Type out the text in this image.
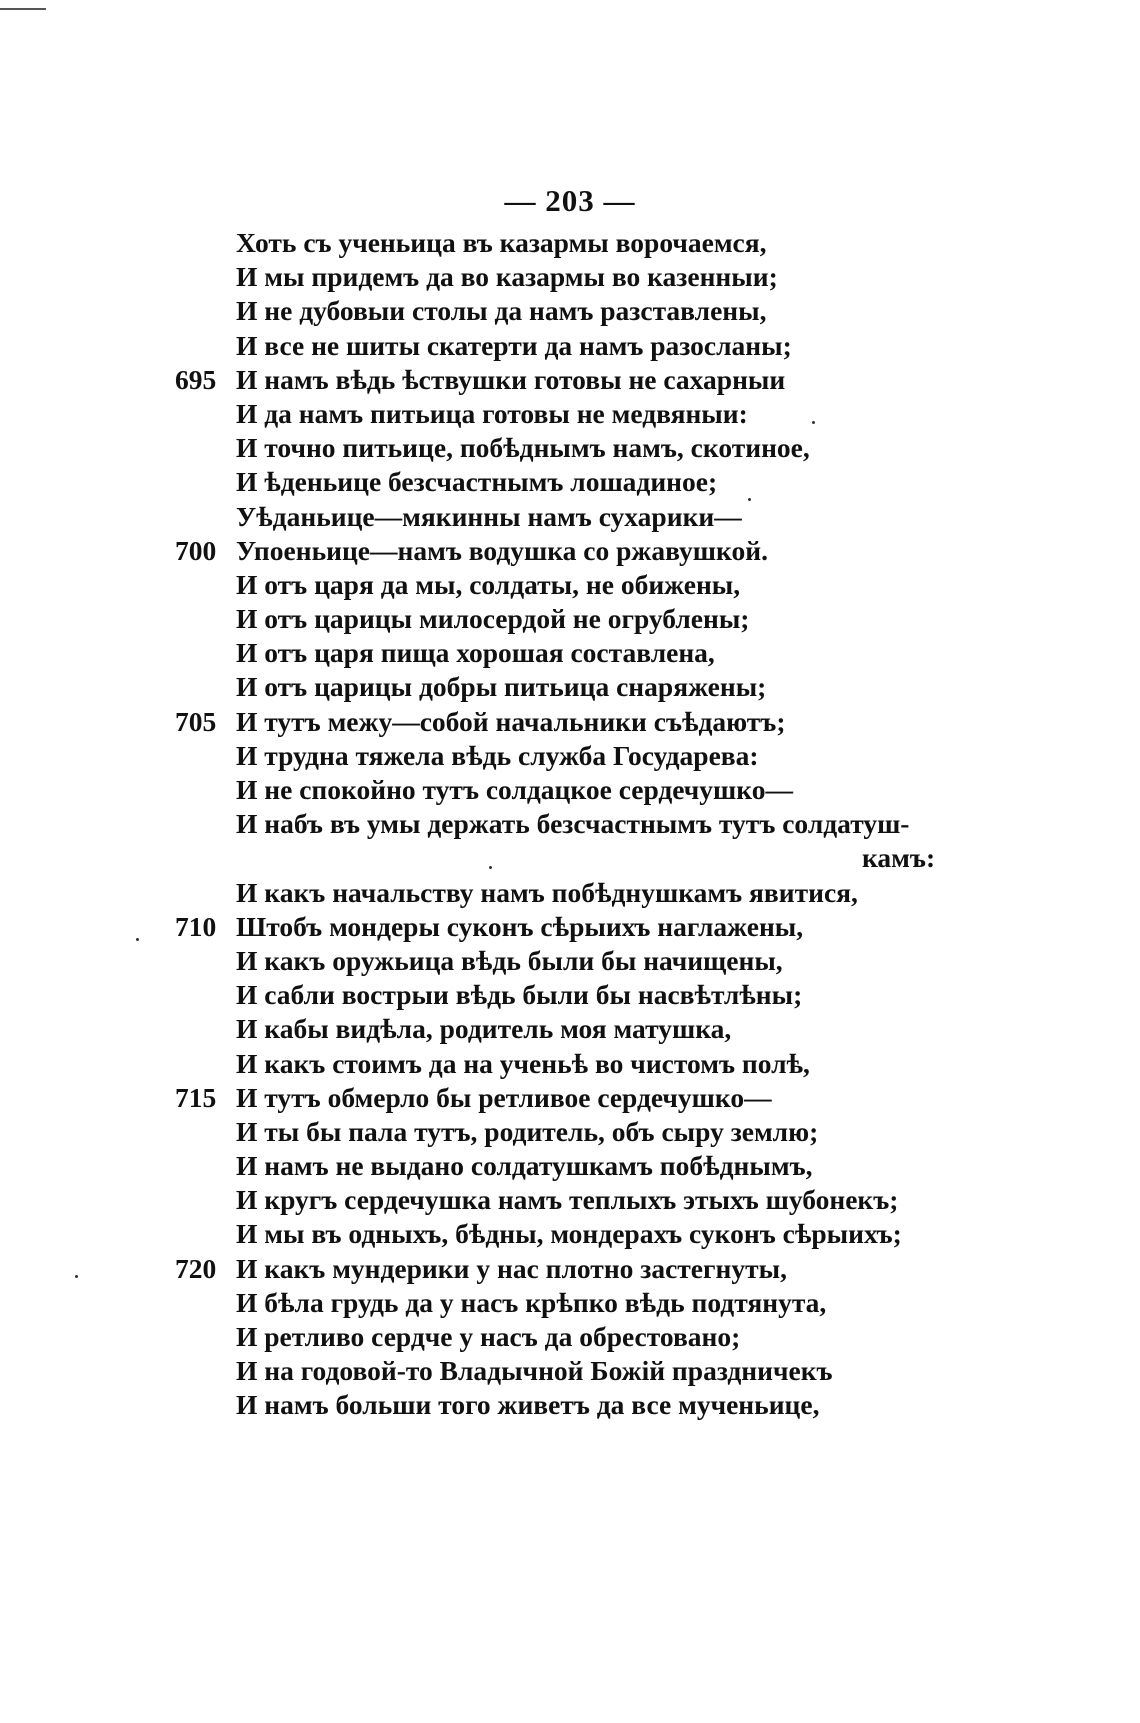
— 203 —
Хоть съ ученьица въ казармы ворочаемся,
И мы придемъ да во казармы во казенныи;
И не дубовыи столы да намъ разставлены,
И все не шиты скатерти да намъ разосланы;
695 И намъ вѣдь ѣствушки готовы не сахарныи
И да намъ питьица готовы не медвяныи:
И точно питьице, побѣднымъ намъ, скотиное,
И ѣденьице безсчастнымъ лошадиное;
Уѣданьице—мякинны намъ сухарики—
700 Упоеньице—намъ водушка со ржавушкой.
И отъ царя да мы, солдаты, не обижены,
И отъ царицы милосердой не огрублены;
И отъ царя пища хорошая составлена,
И отъ царицы добры питьица снаряжены;
705 И тутъ межу—собой начальники съѣдаютъ;
И трудна тяжела вѣдь служба Государева:
И не спокойно тутъ солдацкое сердечушко—
И набъ въ умы держать безсчастнымъ тутъ солдатуш-
камъ:
И какъ начальству намъ побѣднушкамъ явитися,
710 Штобъ мондеры суконъ сѣрыихъ наглажены,
И какъ оружьица вѣдь были бы начищены,
И сабли вострыи вѣдь были бы насвѣтлѣны;
И кабы видѣла, родитель моя матушка,
И какъ стоимъ да на ученьѣ во чистомъ полѣ,
715 И тутъ обмерло бы ретливое сердечушко—
И ты бы пала тутъ, родитель, объ сыру землю;
И намъ не выдано солдатушкамъ побѣднымъ,
И кругъ сердечушка намъ теплыхъ этыхъ шубонекъ;
И мы въ одныхъ, бѣдны, мондерахъ суконъ сѣрыихъ;
720 И какъ мундерики у нас плотно застегнуты,
И бѣла грудь да у насъ крѣпко вѣдь подтянута,
И ретливо сердче у насъ да обрестовано;
И на годовой-то Владычной Божій праздничекъ
И намъ больши того живетъ да все мученьице,
